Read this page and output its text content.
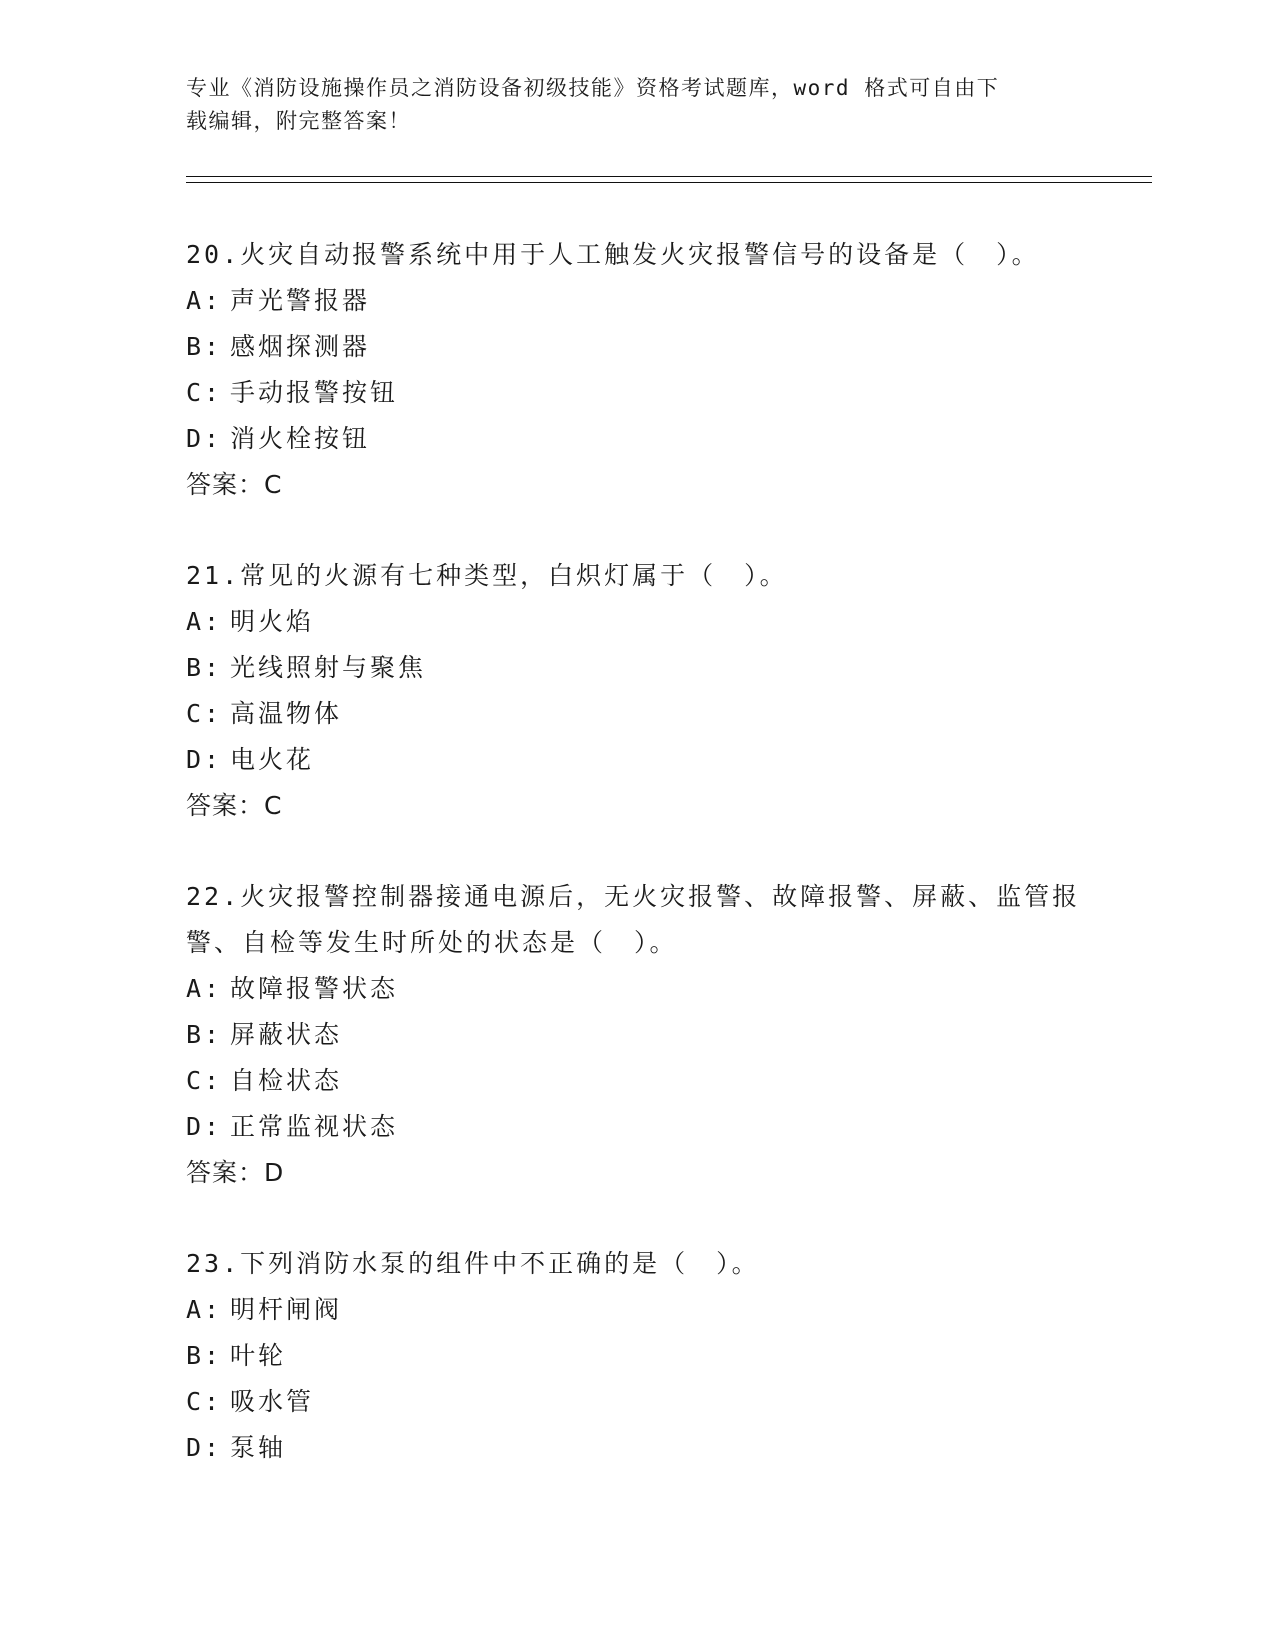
专业《消防设施操作员之消防设备初级技能》资格考试题库，word 格式可自由下
载编辑，附完整答案！

20.火灾自动报警系统中用于人工触发火灾报警信号的设备是（　）。

A: 声光警报器

B: 感烟探测器

C: 手动报警按钮

D: 消火栓按钮

答案：C

21.常见的火源有七种类型，白炽灯属于（　）。

A: 明火焰

B: 光线照射与聚焦

C: 高温物体

D: 电火花

答案：C

22.火灾报警控制器接通电源后，无火灾报警、故障报警、屏蔽、监管报警、自检等发生时所处的状态是（　）。

A: 故障报警状态

B: 屏蔽状态

C: 自检状态

D: 正常监视状态

答案：D

23.下列消防水泵的组件中不正确的是（　）。

A: 明杆闸阀

B: 叶轮

C: 吸水管

D: 泵轴
